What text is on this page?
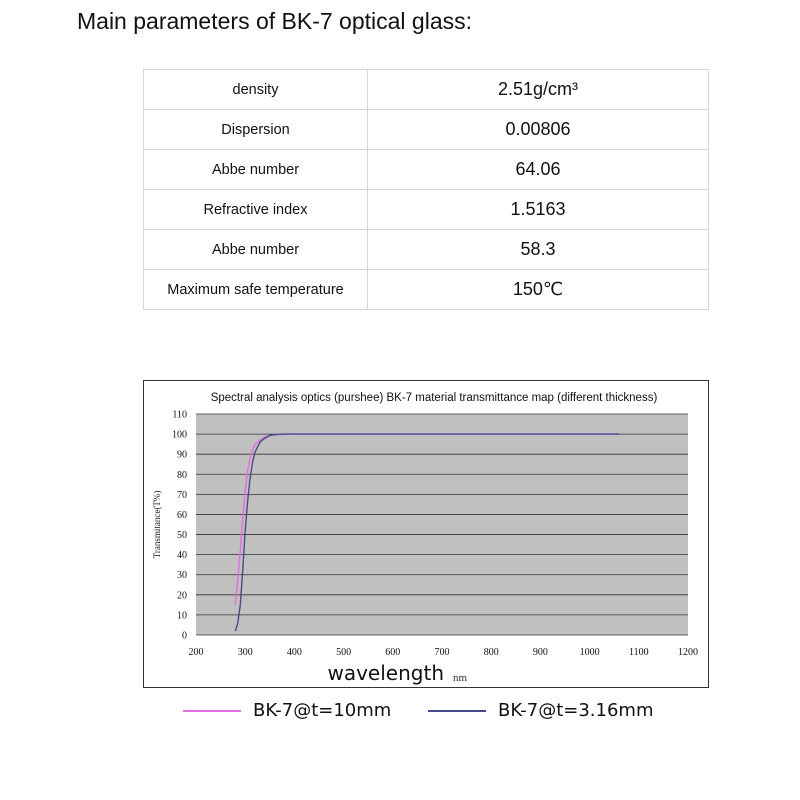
Main parameters of BK-7 optical glass:
density	2.51g/cm³
Dispersion	0.00806
Abbe number	64.06
Refractive index	1.5163
Abbe number	58.3
Maximum safe temperature	150℃
Spectral analysis optics (purshee) BK-7 material transmittance map (different thickness)
0
10
20
30
40
50
60
70
80
90
100
110
200	300	400	500	600	700	800	900	1000	1100	1200
Transmitance(T%)
wavelength nm
BK-7@t=10mm	BK-7@t=3.16mm
